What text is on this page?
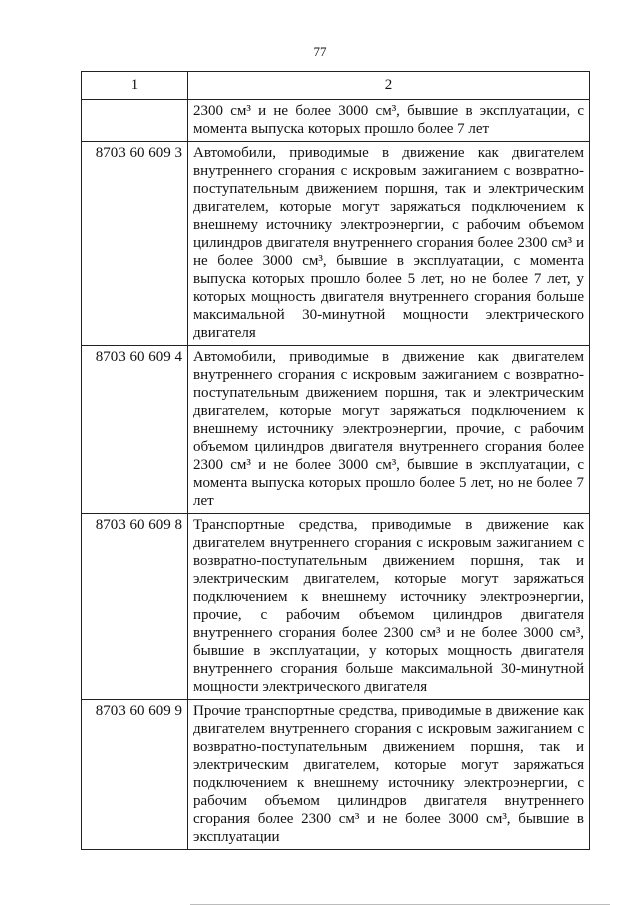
77
1	2
	2300 см³ и не более 3000 см³, бывшие в эксплуатации, с момента выпуска которых прошло более 7 лет
8703 60 609 3	Автомобили, приводимые в движение как двигателем внутреннего сгорания с искровым зажиганием с возвратно-поступательным движением поршня, так и электрическим двигателем, которые могут заряжаться подключением к внешнему источнику электроэнергии, с рабочим объемом цилиндров двигателя внутреннего сгорания более 2300 см³ и не более 3000 см³, бывшие в эксплуатации, с момента выпуска которых прошло более 5 лет, но не более 7 лет, у которых мощность двигателя внутреннего сгорания больше максимальной 30-минутной мощности электрического двигателя
8703 60 609 4	Автомобили, приводимые в движение как двигателем внутреннего сгорания с искровым зажиганием с возвратно-поступательным движением поршня, так и электрическим двигателем, которые могут заряжаться подключением к внешнему источнику электроэнергии, прочие, с рабочим объемом цилиндров двигателя внутреннего сгорания более 2300 см³ и не более 3000 см³, бывшие в эксплуатации, с момента выпуска которых прошло более 5 лет, но не более 7 лет
8703 60 609 8	Транспортные средства, приводимые в движение как двигателем внутреннего сгорания с искровым зажиганием с возвратно-поступательным движением поршня, так и электрическим двигателем, которые могут заряжаться подключением к внешнему источнику электроэнергии, прочие, с рабочим объемом цилиндров двигателя внутреннего сгорания более 2300 см³ и не более 3000 см³, бывшие в эксплуатации, у которых мощность двигателя внутреннего сгорания больше максимальной 30-минутной мощности электрического двигателя
8703 60 609 9	Прочие транспортные средства, приводимые в движение как двигателем внутреннего сгорания с искровым зажиганием с возвратно-поступательным движением поршня, так и электрическим двигателем, которые могут заряжаться подключением к внешнему источнику электроэнергии, с рабочим объемом цилиндров двигателя внутреннего сгорания более 2300 см³ и не более 3000 см³, бывшие в эксплуатации
